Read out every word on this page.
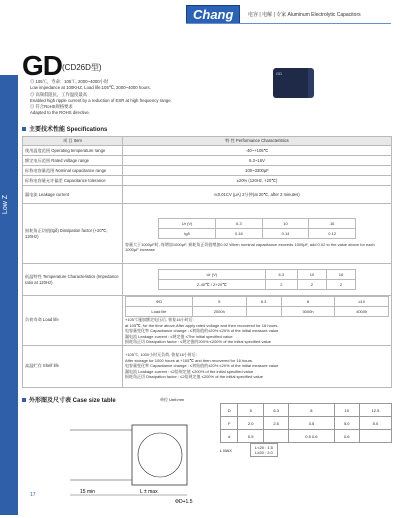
Chang	电容 | 电解 | 专家 Aluminum Electrolytic Capacitors
Low Z
GD (CD26D型)
◎ 105℃，寿命：105℃, 2000~4000小时
Low impedance at 100KHZ, Load life:105℃, 2000~4000 hours.
◎ 高频低阻抗，工作温度最高
Enabled high ripple current by a reduction of ESR at high frequency range.
◎ 符合RoHS规格要求
Adapted to the ROHS directive.
GD
主要技术性能 Specifications
项 目 Item	特 性 Performance Characteristics
使用温度范围 Operating temperature range	-40~+105℃
额定电压范围 Rated voltage range	6.3~16V
标称电容量范围 Nominal capacitance range	100~3300μF
标称电容量允许偏差 Capacitance tolerance	±20% (120Hz, +20℃)
漏电流 Leakage current	I≤0.01CV (μA) 2分钟(at 20℃, after 2 minutes)
损耗角正切值(tgδ) Dissipation factor (+20℃, 120Hz)	
Ur (V)	6.3	10	16
tgδ	0.16	0.14	0.12
容量大于1000μF时, 每增加1000μF, 损耗角正切值增加0.02 When nominal capacitance exceeds 1000μF, add 0.02 to the value above for each 1000μF increase

低温特性 Temperature Characteristics (Impedance ratio at 120Hz)	
Ur (V)	6.3	10	16
Z-40℃ / Z+20℃	2	2	2

负荷寿命 Load life	
ΦD	5	6.3	8	≥10
Load life	2000h		3000h	4000h
+105℃施加额定电压后, 恢复16小时后:
at 105℃, for the time above,After apply rated voltage and then recovered for 16 hours.
电容量变化率 Capacitance change : ≤初始值的±20% ≤20% of the initial measure value
漏电流 Leakage current : ≤规定值 ≤The initial specified value
损耗角正切 Dissipation factor : ≤规定值的200% ≤200% of the initial specified value

高温贮存 Shelf life	
+105℃, 1000小时无负荷, 恢复16小时后:
After storage for 1000 hours at +105℃ and then recovered for 16 hours.
电容量变化率 Capacitance change : ≤初始值的±20% ≤20% of the initial measure value
漏电流 Leakage current : ≤2倍规定值 ≤200% of the initial specified value
损耗角正切 Dissipation factor : ≤2倍规定值 ≤200% of the initial specified value
外形图及尺寸表 Case size table	单位 Unit:mm
15 min	L ± max
ΦD+1.5
D	5	6.3	8	10	12.5
F	2.0	2.5	3.5	5.0	5.0
d	0.5		0.5 0.6	0.6	
L MAX	L<20 : 1.5
L≥20 : 2.0
17
